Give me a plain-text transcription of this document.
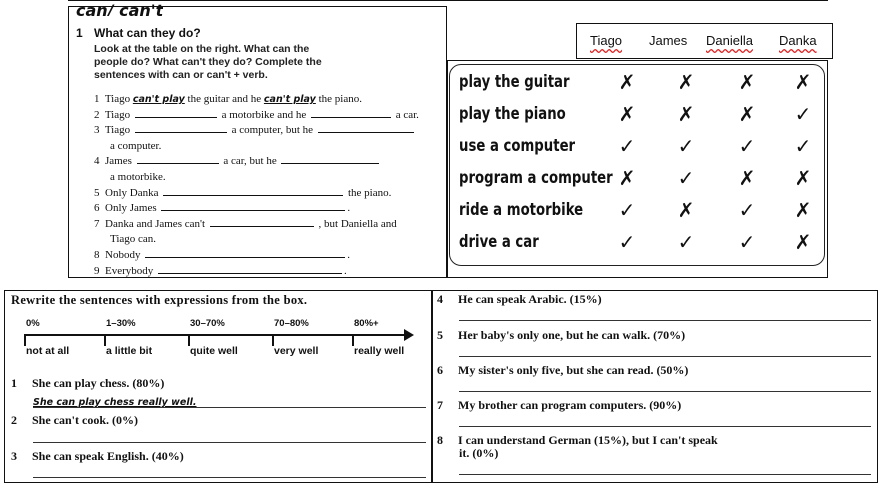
can/ can't
1 What can they do?
Look at the table on the right. What can the
people do? What can't they do? Complete the
sentences with can or can't + verb.
1 Tiago can't play the guitar and he can't play the piano.
2 Tiago	a motorbike and he	a car.
3 Tiago	a computer, but he
a computer.
4 James	a car, but he
a motorbike.
5 Only Danka	the piano.
6 Only James	.
7 Danka and James can't	, but Daniella and
Tiago can.
8 Nobody	.
9 Everybody	.
Tiago James Daniella Danka
play the guitar ✗ ✗ ✗ ✗
play the piano	✗ ✗ ✗ ✓
use a computer ✓ ✓ ✓ ✓
program a computer ✗ ✓ ✗ ✗
ride a motorbike ✓ ✗ ✓ ✗
drive a car	✓ ✓ ✓ ✗
Rewrite the sentences with expressions from the box.
0%
not at all
1–30%
a little bit
30–70%
quite well
70–80%
very well
80%+
really well
1 She can play chess. (80%)
She can play chess really well.
2 She can't cook. (0%)
3 She can speak English. (40%)
4 He can speak Arabic. (15%)
5 Her baby's only one, but he can walk. (70%)
6 My sister's only five, but she can read. (50%)
7 My brother can program computers. (90%)
8 I can understand German (15%), but I can't speak
it. (0%)
